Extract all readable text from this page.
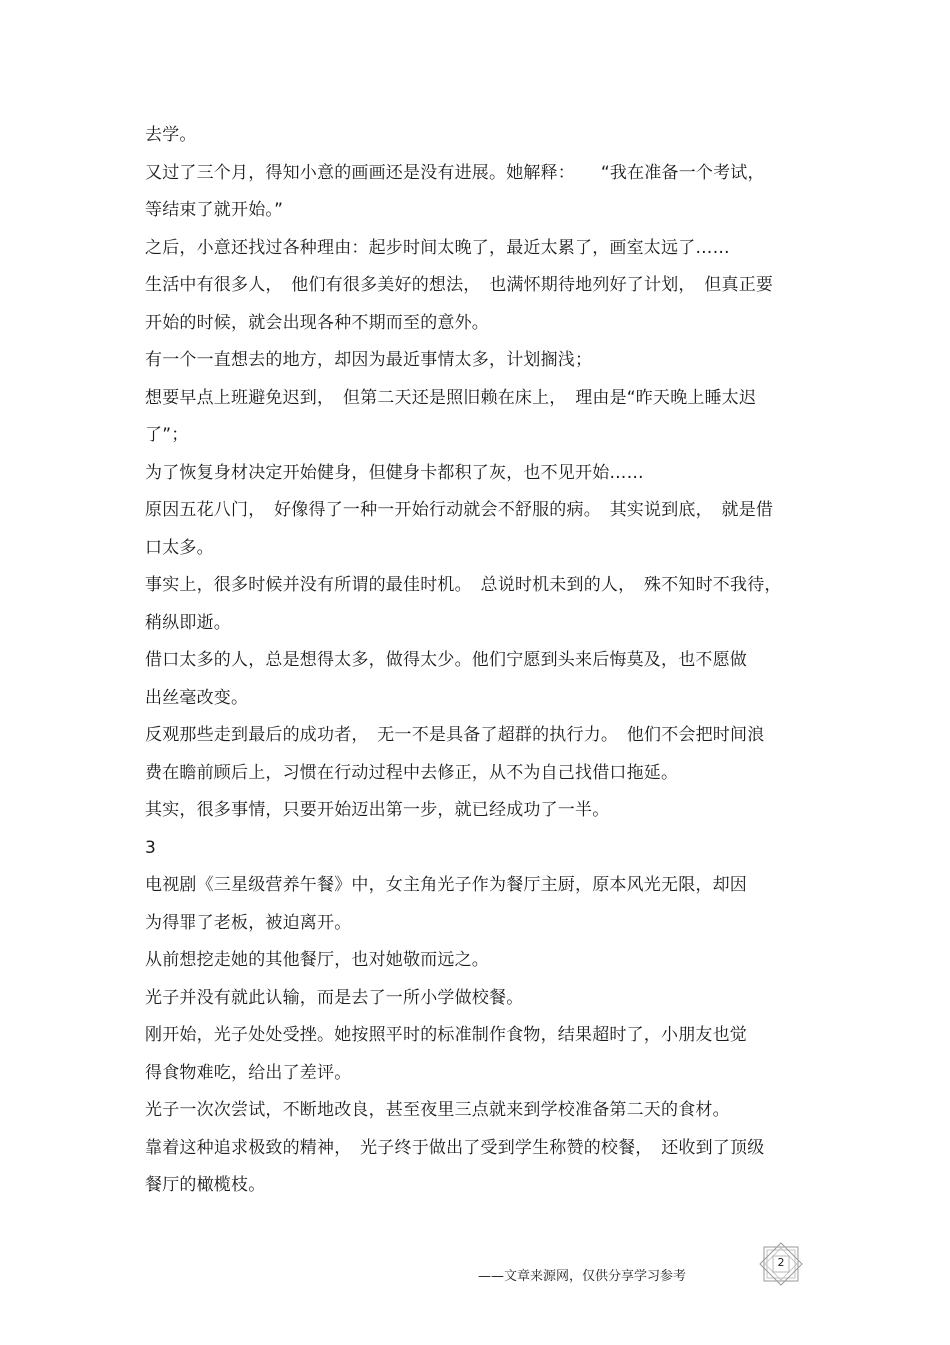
去学。
又过了三个月，得知小意的画画还是没有进展。她解释：　　“我在准备一个考试，
等结束了就开始。”
之后，小意还找过各种理由：起步时间太晚了，最近太累了，画室太远了……
生活中有很多人，　他们有很多美好的想法，　也满怀期待地列好了计划，　但真正要
开始的时候，就会出现各种不期而至的意外。
有一个一直想去的地方，却因为最近事情太多，计划搁浅；
想要早点上班避免迟到，　但第二天还是照旧赖在床上，　理由是“昨天晚上睡太迟
了”；
为了恢复身材决定开始健身，但健身卡都积了灰，也不见开始……
原因五花八门，　好像得了一种一开始行动就会不舒服的病。　其实说到底，　就是借
口太多。
事实上，很多时候并没有所谓的最佳时机。　总说时机未到的人，　殊不知时不我待，
稍纵即逝。
借口太多的人，总是想得太多，做得太少。他们宁愿到头来后悔莫及，也不愿做
出丝毫改变。
反观那些走到最后的成功者，　无一不是具备了超群的执行力。　他们不会把时间浪
费在瞻前顾后上，习惯在行动过程中去修正，从不为自己找借口拖延。
其实，很多事情，只要开始迈出第一步，就已经成功了一半。
3
电视剧《三星级营养午餐》中，女主角光子作为餐厅主厨，原本风光无限，却因
为得罪了老板，被迫离开。
从前想挖走她的其他餐厅，也对她敬而远之。
光子并没有就此认输，而是去了一所小学做校餐。
刚开始，光子处处受挫。她按照平时的标准制作食物，结果超时了，小朋友也觉
得食物难吃，给出了差评。
光子一次次尝试，不断地改良，甚至夜里三点就来到学校准备第二天的食材。
靠着这种追求极致的精神，　光子终于做出了受到学生称赞的校餐，　还收到了顶级
餐厅的橄榄枝。
——文章来源网，仅供分享学习参考
2
